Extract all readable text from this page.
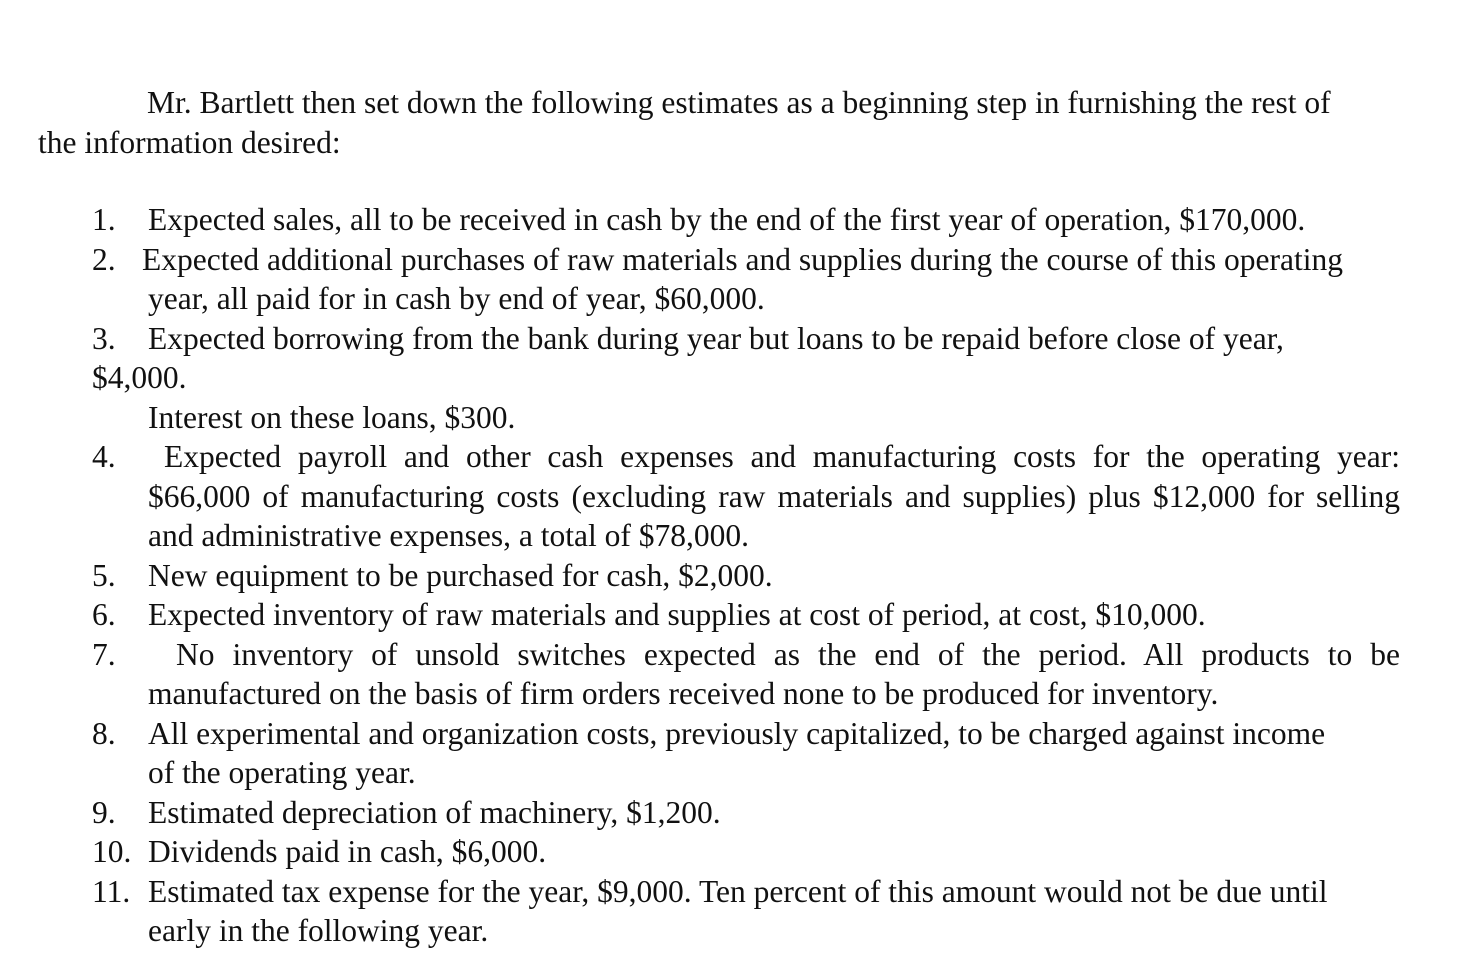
Mr. Bartlett then set down the following estimates as a beginning step in furnishing the rest of
the information desired:
1. Expected sales, all to be received in cash by the end of the first year of operation, $170,000.
2. Expected additional purchases of raw materials and supplies during the course of this operating
year, all paid for in cash by end of year, $60,000.
3. Expected borrowing from the bank during year but loans to be repaid before close of year,
$4,000.
Interest on these loans, $300.
4.	Expected payroll and other cash expenses and manufacturing costs for the operating year: $66,000 of manufacturing costs (excluding raw materials and supplies) plus $12,000 for selling and administrative expenses, a total of $78,000.
5. New equipment to be purchased for cash, $2,000.
6. Expected inventory of raw materials and supplies at cost of period, at cost, $10,000.
7.	No inventory of unsold switches expected as the end of the period. All products to be manufactured on the basis of firm orders received none to be produced for inventory.
8. All experimental and organization costs, previously capitalized, to be charged against income
of the operating year.
9. Estimated depreciation of machinery, $1,200.
10. Dividends paid in cash, $6,000.
11. Estimated tax expense for the year, $9,000. Ten percent of this amount would not be due until
early in the following year.
